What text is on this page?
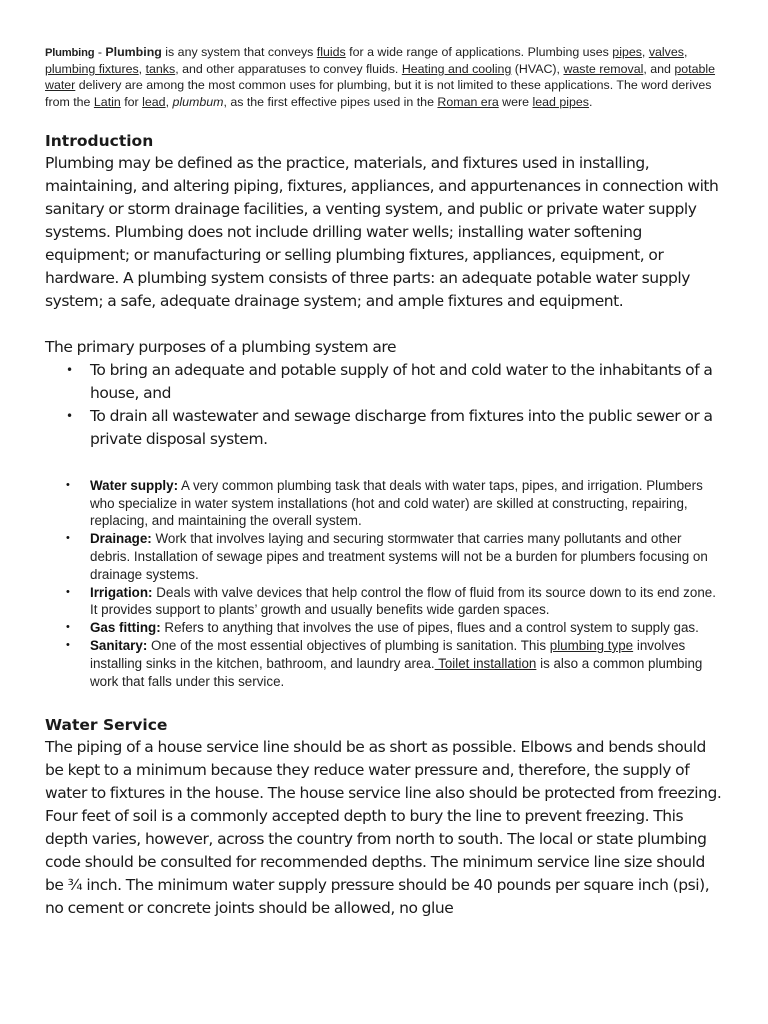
Plumbing - Plumbing is any system that conveys fluids for a wide range of applications. Plumbing uses pipes, valves, plumbing fixtures, tanks, and other apparatuses to convey fluids. Heating and cooling (HVAC), waste removal, and potable water delivery are among the most common uses for plumbing, but it is not limited to these applications. The word derives from the Latin for lead, plumbum, as the first effective pipes used in the Roman era were lead pipes.

Introduction

Plumbing may be defined as the practice, materials, and fixtures used in installing, maintaining, and altering piping, fixtures, appliances, and appurtenances in connection with sanitary or storm drainage facilities, a venting system, and public or private water supply systems. Plumbing does not include drilling water wells; installing water softening equipment; or manufacturing or selling plumbing fixtures, appliances, equipment, or hardware. A plumbing system consists of three parts: an adequate potable water supply system; a safe, adequate drainage system; and ample fixtures and equipment.

The primary purposes of a plumbing system are

• To bring an adequate and potable supply of hot and cold water to the inhabitants of a house, and
• To drain all wastewater and sewage discharge from fixtures into the public sewer or a private disposal system.
• Water supply: A very common plumbing task that deals with water taps, pipes, and irrigation. Plumbers who specialize in water system installations (hot and cold water) are skilled at constructing, repairing, replacing, and maintaining the overall system.
• Drainage: Work that involves laying and securing stormwater that carries many pollutants and other debris. Installation of sewage pipes and treatment systems will not be a burden for plumbers focusing on drainage systems.
• Irrigation: Deals with valve devices that help control the flow of fluid from its source down to its end zone. It provides support to plants’ growth and usually benefits wide garden spaces.
• Gas fitting: Refers to anything that involves the use of pipes, flues and a control system to supply gas.
• Sanitary: One of the most essential objectives of plumbing is sanitation. This plumbing type involves installing sinks in the kitchen, bathroom, and laundry area. Toilet installation is also a common plumbing work that falls under this service.
Water Service

The piping of a house service line should be as short as possible. Elbows and bends should be kept to a minimum because they reduce water pressure and, therefore, the supply of water to fixtures in the house. The house service line also should be protected from freezing. Four feet of soil is a commonly accepted depth to bury the line to prevent freezing. This depth varies, however, across the country from north to south. The local or state plumbing code should be consulted for recommended depths. The minimum service line size should be ¾ inch. The minimum water supply pressure should be 40 pounds per square inch (psi), no cement or concrete joints should be allowed, no glue
